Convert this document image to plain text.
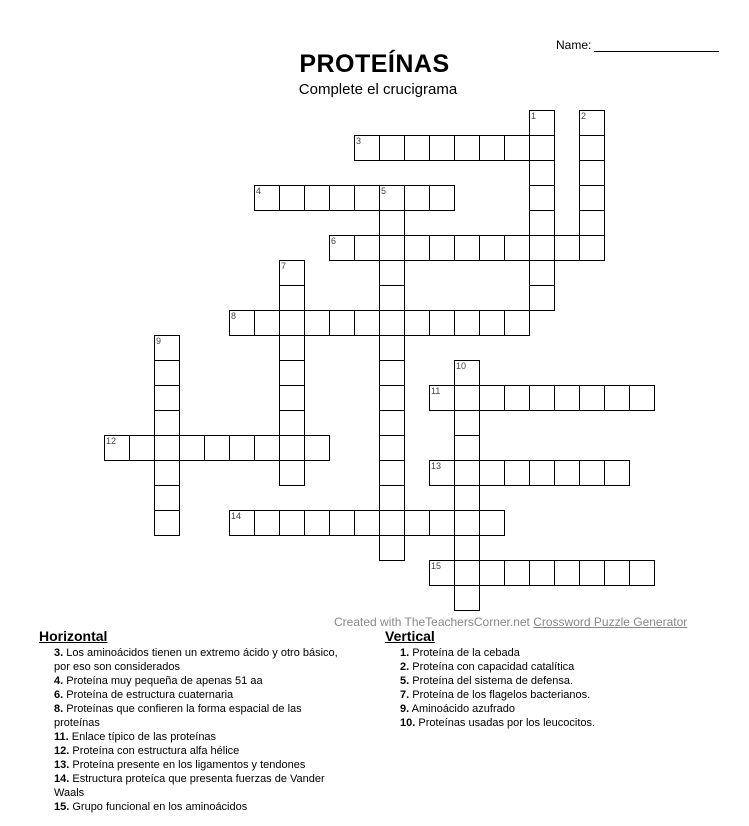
Name:
PROTEÍNAS
Complete el crucigrama
1	2
3
4	5
6
7
8
9
10
11
12
13
14
15
Created with TheTeachersCorner.net Crossword Puzzle Generator
Horizontal
3. Los aminoácidos tienen un extremo ácido y otro básico, por eso son considerados
4. Proteína muy pequeña de apenas 51 aa
6. Proteína de estructura cuaternaria
8. Proteínas que confieren la forma espacial de las proteínas
11. Enlace típico de las proteínas
12. Proteína con estructura alfa hélice
13. Proteína presente en los ligamentos y tendones
14. Estructura proteíca que presenta fuerzas de Vander Waals
15. Grupo funcional en los aminoácidos
Vertical
1. Proteína de la cebada
2. Proteína con capacidad catalítica
5. Proteína del sistema de defensa.
7. Proteína de los flagelos bacterianos.
9. Aminoácido azufrado
10. Proteínas usadas por los leucocitos.
